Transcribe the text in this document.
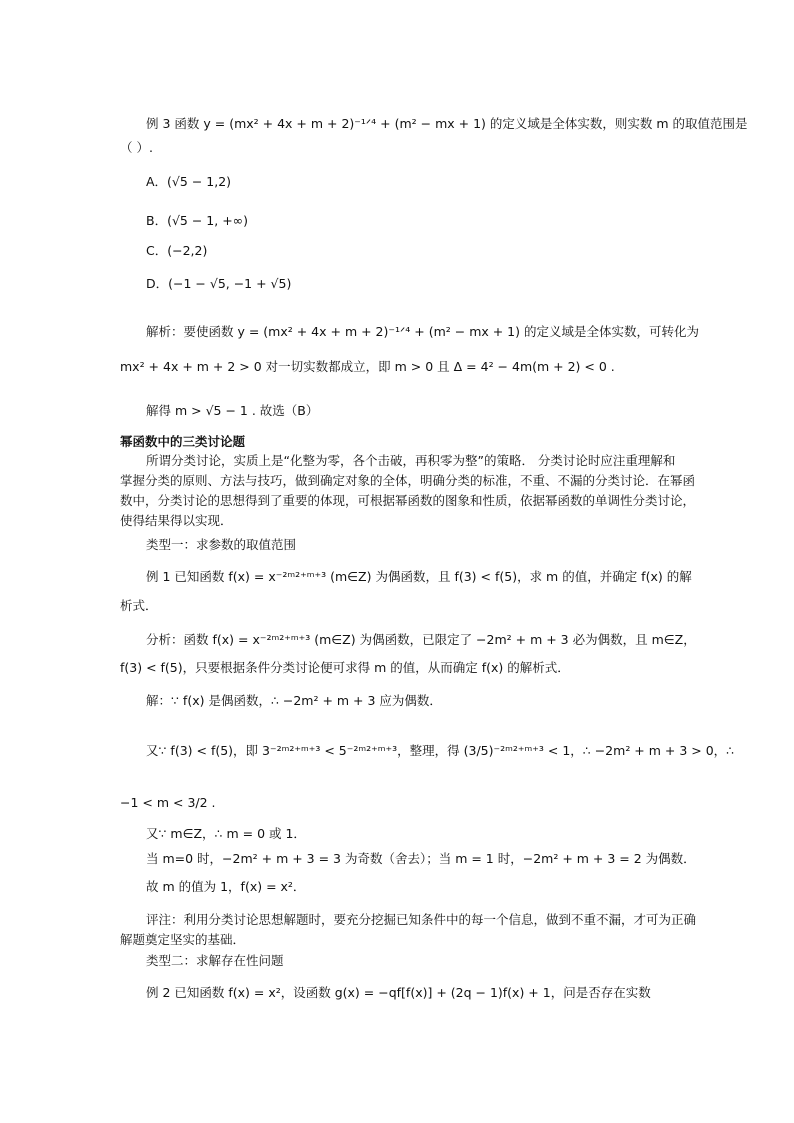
例 3 函数 y = (mx² + 4x + m + 2)⁻¹ᐟ⁴ + (m² − mx + 1) 的定义域是全体实数，则实数 m 的取值范围是
（ ）.
A．(√5 − 1,2)
B．(√5 − 1, +∞)
C．(−2,2)
D．(−1 − √5, −1 + √5)
解析：要使函数 y = (mx² + 4x + m + 2)⁻¹ᐟ⁴ + (m² − mx + 1) 的定义域是全体实数，可转化为
mx² + 4x + m + 2 > 0 对一切实数都成立，即 m > 0 且 Δ = 4² − 4m(m + 2) < 0 .
解得 m > √5 − 1 . 故选（B）
幂函数中的三类讨论题
所谓分类讨论，实质上是“化整为零，各个击破，再积零为整”的策略． 分类讨论时应注重理解和
掌握分类的原则、方法与技巧，做到确定对象的全体，明确分类的标准，不重、不漏的分类讨论．在幂函
数中，分类讨论的思想得到了重要的体现，可根据幂函数的图象和性质，依据幂函数的单调性分类讨论，
使得结果得以实现．
类型一：求参数的取值范围
例 1 已知函数 f(x) = x⁻²ᵐ²⁺ᵐ⁺³ (m∈Z) 为偶函数，且 f(3) < f(5)，求 m 的值，并确定 f(x) 的解
析式．
分析：函数 f(x) = x⁻²ᵐ²⁺ᵐ⁺³ (m∈Z) 为偶函数，已限定了 −2m² + m + 3 必为偶数，且 m∈Z，
f(3) < f(5)，只要根据条件分类讨论便可求得 m 的值，从而确定 f(x) 的解析式．
解：∵ f(x) 是偶函数，∴ −2m² + m + 3 应为偶数．
又∵ f(3) < f(5)，即 3⁻²ᵐ²⁺ᵐ⁺³ < 5⁻²ᵐ²⁺ᵐ⁺³，整理，得 (3/5)⁻²ᵐ²⁺ᵐ⁺³ < 1，∴ −2m² + m + 3 > 0，∴
−1 < m < 3/2 .
又∵ m∈Z，∴ m = 0 或 1．
当 m=0 时，−2m² + m + 3 = 3 为奇数（舍去）；当 m = 1 时，−2m² + m + 3 = 2 为偶数．
故 m 的值为 1，f(x) = x²．
评注：利用分类讨论思想解题时，要充分挖掘已知条件中的每一个信息，做到不重不漏，才可为正确
解题奠定坚实的基础．
类型二：求解存在性问题
例 2 已知函数 f(x) = x²，设函数 g(x) = −qf[f(x)] + (2q − 1)f(x) + 1，问是否存在实数
